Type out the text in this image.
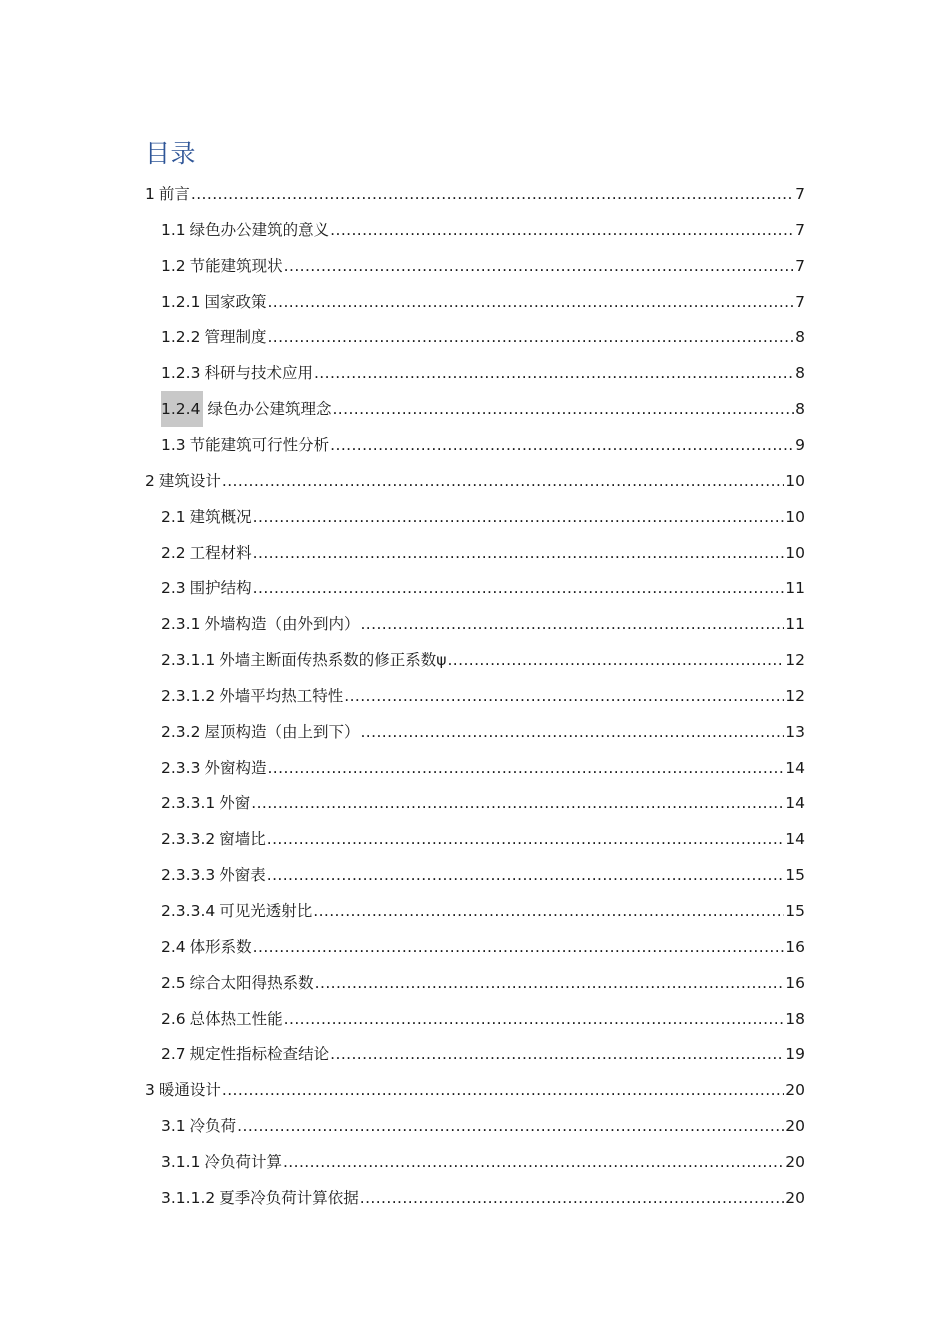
目录
1 前言 .....	7
1.1 绿色办公建筑的意义 .....	7
1.2 节能建筑现状 .....	7
1.2.1 国家政策 .....	7
1.2.2 管理制度 .....	8
1.2.3 科研与技术应用 .....	8
1.2.4 绿色办公建筑理念 .....	8
1.3 节能建筑可行性分析 .....	9
2 建筑设计 .....	10
2.1 建筑概况 .....	10
2.2 工程材料 .....	10
2.3 围护结构 .....	11
2.3.1 外墙构造（由外到内） .....	11
2.3.1.1 外墙主断面传热系数的修正系数ψ .....	12
2.3.1.2 外墙平均热工特性 .....	12
2.3.2 屋顶构造（由上到下） .....	13
2.3.3 外窗构造 .....	14
2.3.3.1 外窗 .....	14
2.3.3.2 窗墙比 .....	14
2.3.3.3 外窗表 .....	15
2.3.3.4 可见光透射比 .....	15
2.4 体形系数 .....	16
2.5 综合太阳得热系数 .....	16
2.6 总体热工性能 .....	18
2.7 规定性指标检查结论 .....	19
3 暖通设计 .....	20
3.1 冷负荷 .....	20
3.1.1 冷负荷计算 .....	20
3.1.1.2 夏季冷负荷计算依据 .....	20
